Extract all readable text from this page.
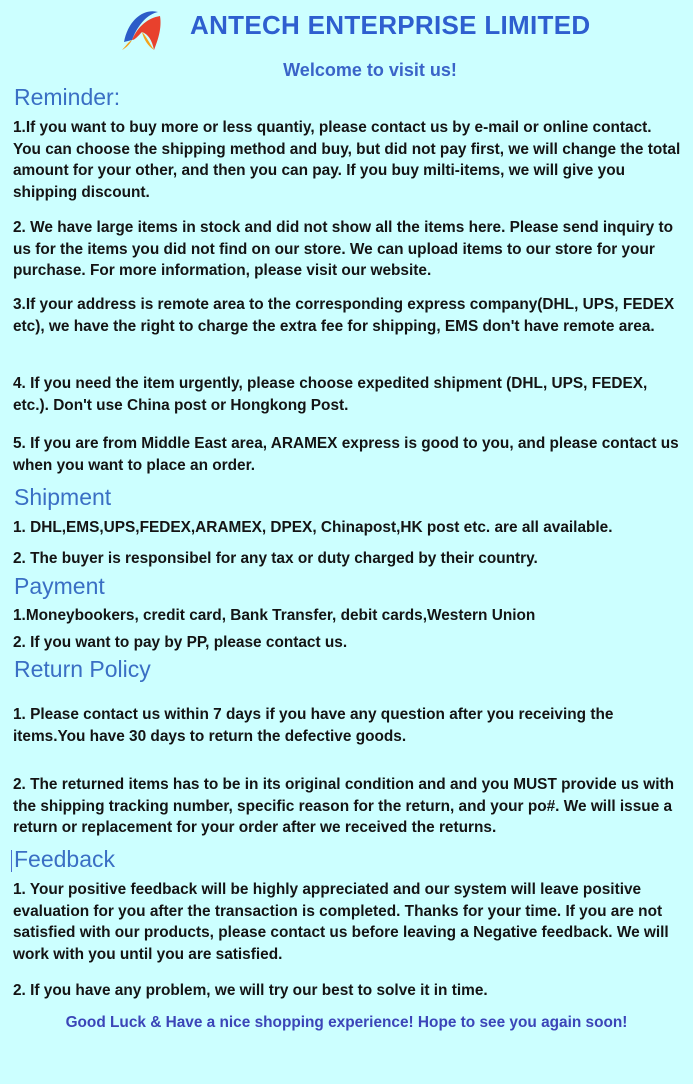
ANTECH ENTERPRISE LIMITED
Welcome to visit us!
Reminder:
1.If you want to buy more or less quantiy, please contact us by e-mail or online contact. You can choose the shipping method and buy, but did not pay first, we will change the total amount for your other, and then you can pay. If you buy milti-items, we will give you shipping discount.
2. We have large items in stock and did not show all the items here. Please send inquiry to us for the items you did not find on our store. We can upload items to our store for your purchase. For more information, please visit our website.
3.If your address is remote area to the corresponding express company(DHL, UPS, FEDEX etc), we have the right to charge the extra fee for shipping, EMS don't have remote area.
4. If you need the item urgently, please choose expedited shipment (DHL, UPS, FEDEX, etc.). Don't use China post or Hongkong Post.
5. If you are from Middle East area, ARAMEX express is good to you, and please contact us when you want to place an order.
Shipment
1. DHL,EMS,UPS,FEDEX,ARAMEX, DPEX, Chinapost,HK post etc. are all available.
2. The buyer is responsibel for any tax or duty charged by their country.
Payment
1.Moneybookers, credit card, Bank Transfer, debit cards,Western Union
2. If you want to pay by PP, please contact us.
Return Policy
1. Please contact us within 7 days if you have any question after you receiving the items.You have 30 days to return the defective goods.
2. The returned items has to be in its original condition and and you MUST provide us with the shipping tracking number, specific reason for the return, and your po#. We will issue a return or replacement for your order after we received the returns.
Feedback
1. Your positive feedback will be highly appreciated and our system will leave positive evaluation for you after the transaction is completed. Thanks for your time. If you are not satisfied with our products, please contact us before leaving a Negative feedback. We will work with you until you are satisfied.
2. If you have any problem, we will try our best to solve it in time.
Good Luck & Have a nice shopping experience! Hope to see you again soon!
